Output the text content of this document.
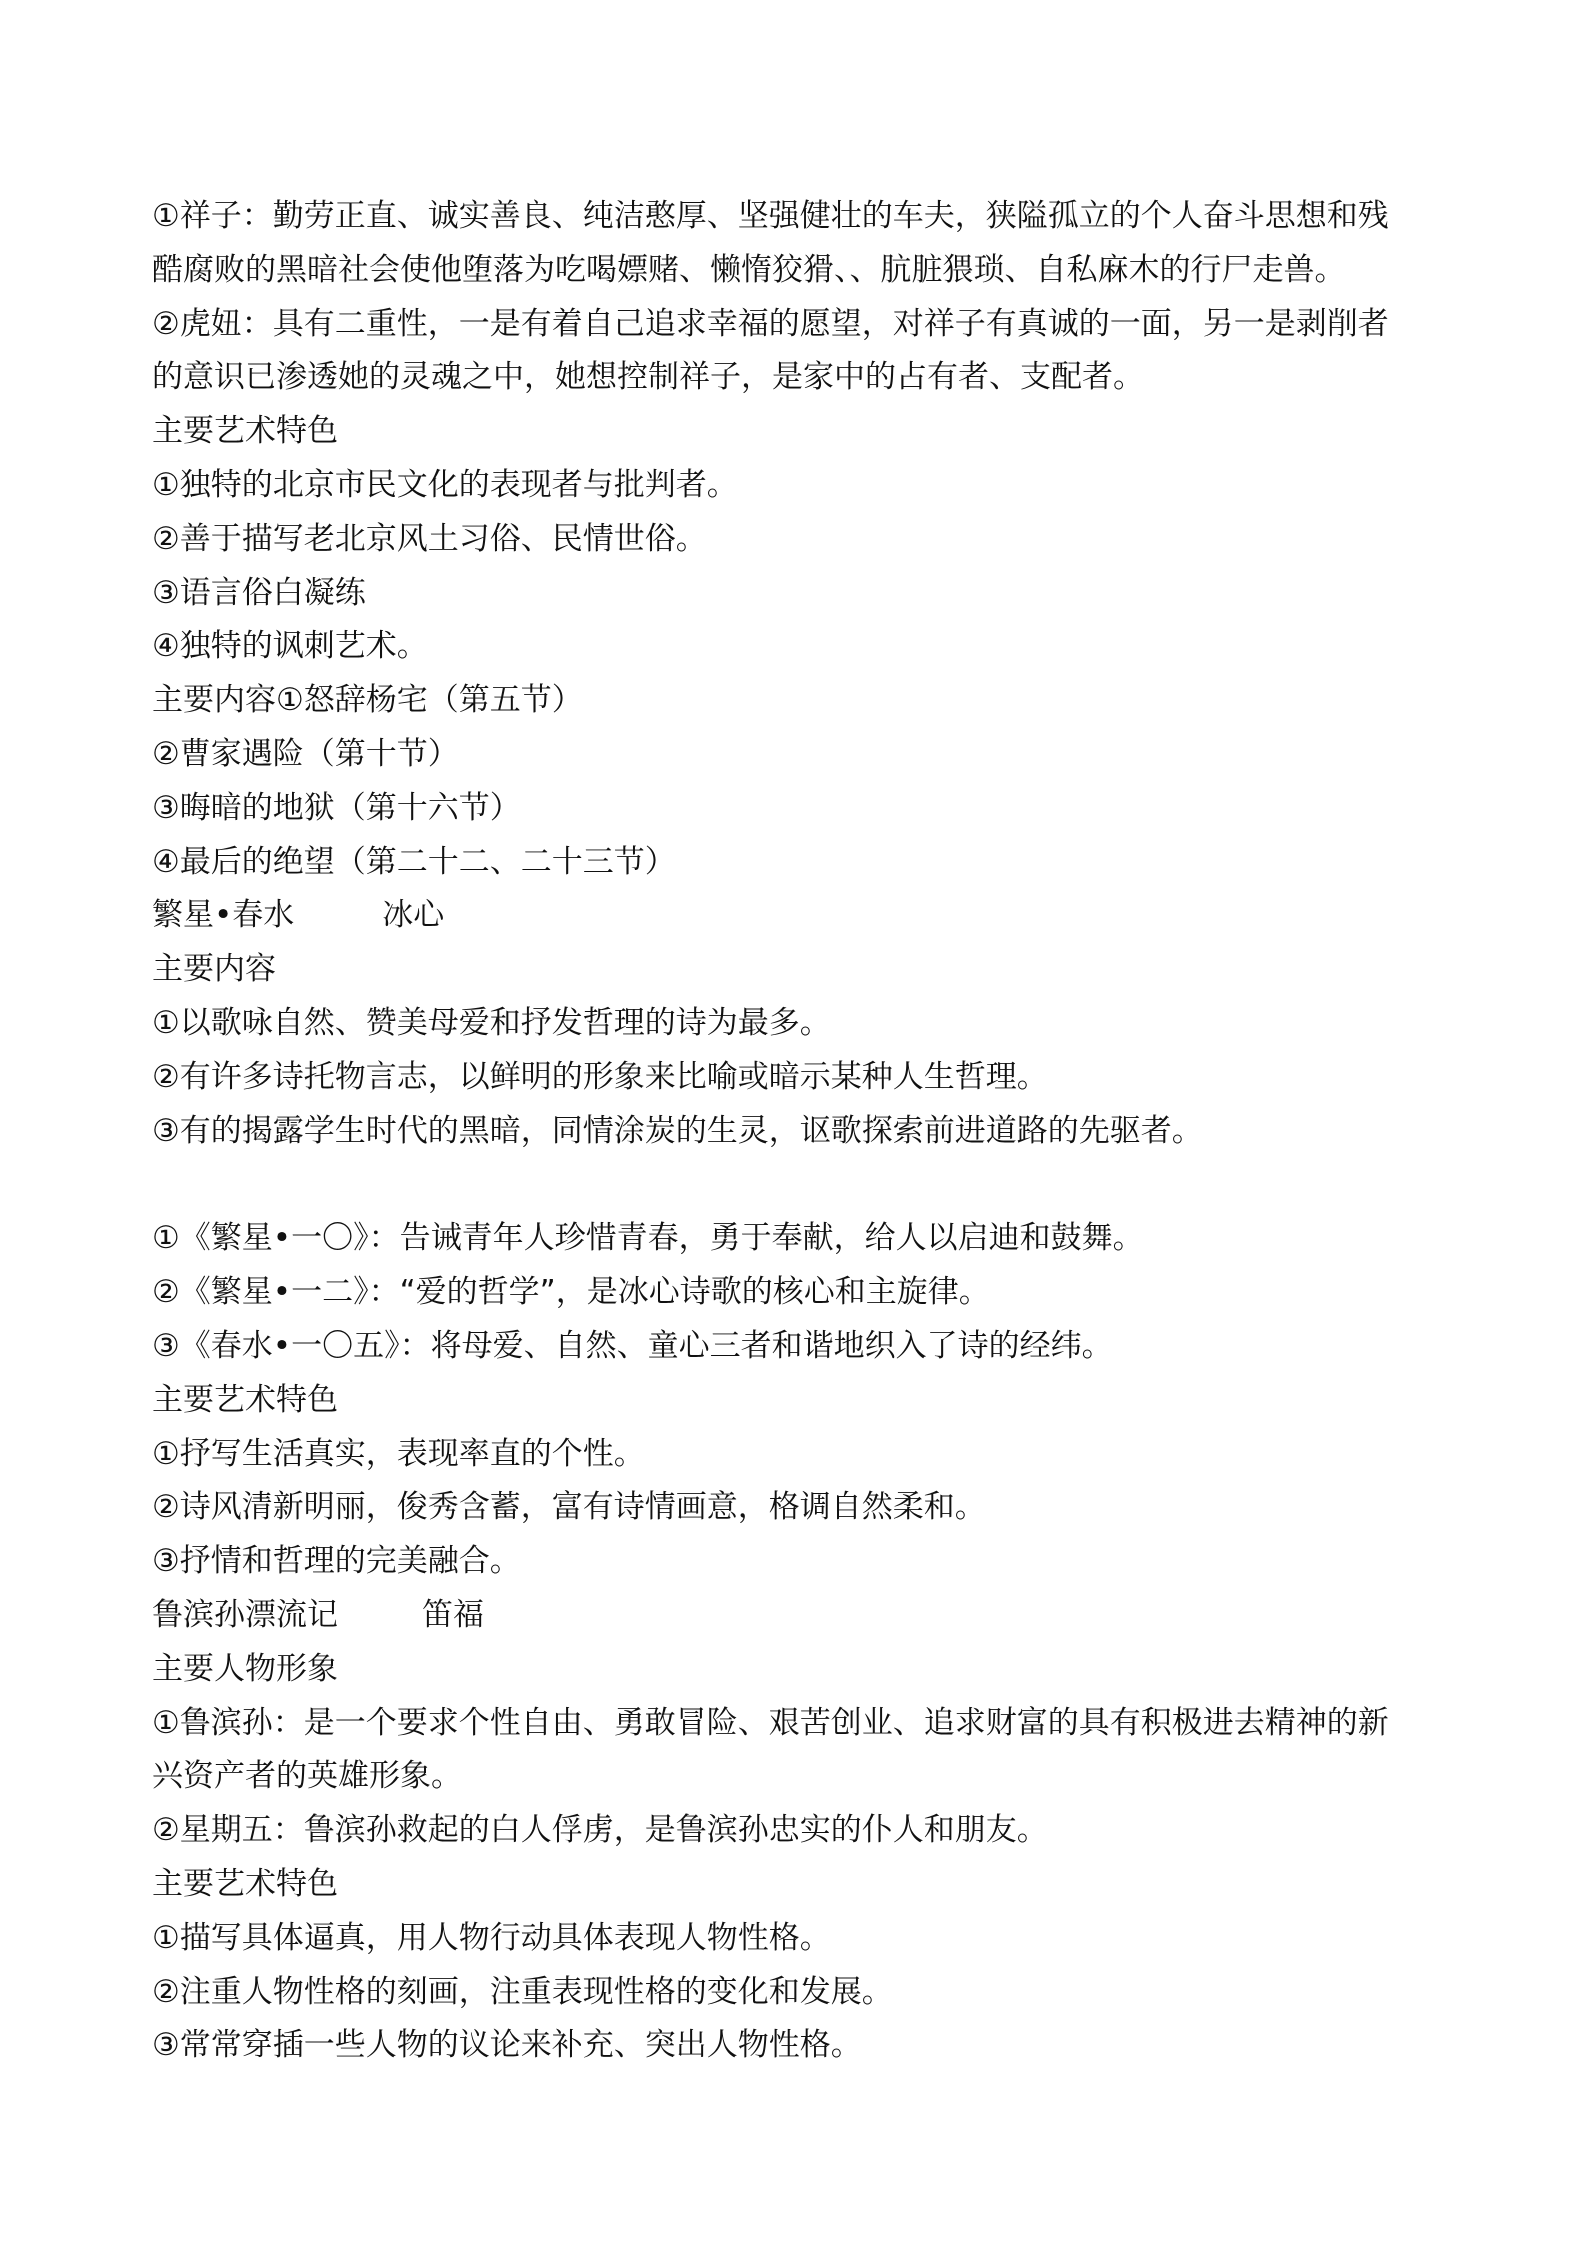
①祥子：勤劳正直、诚实善良、纯洁憨厚、坚强健壮的车夫，狭隘孤立的个人奋斗思想和残

酷腐败的黑暗社会使他堕落为吃喝嫖赌、懒惰狡猾、、肮脏猥琐、自私麻木的行尸走兽。

②虎妞：具有二重性，一是有着自己追求幸福的愿望，对祥子有真诚的一面，另一是剥削者

的意识已渗透她的灵魂之中，她想控制祥子，是家中的占有者、支配者。

主要艺术特色

①独特的北京市民文化的表现者与批判者。

②善于描写老北京风土习俗、民情世俗。

③语言俗白凝练

④独特的讽刺艺术。

主要内容①怒辞杨宅（第五节）

②曹家遇险（第十节）

③晦暗的地狱（第十六节）

④最后的绝望（第二十二、二十三节）

繁星•春水	冰心

主要内容

①以歌咏自然、赞美母爱和抒发哲理的诗为最多。

②有许多诗托物言志，以鲜明的形象来比喻或暗示某种人生哲理。

③有的揭露学生时代的黑暗，同情涂炭的生灵，讴歌探索前进道路的先驱者。

①《繁星•一〇》：告诫青年人珍惜青春，勇于奉献，给人以启迪和鼓舞。

②《繁星•一二》：“爱的哲学”，是冰心诗歌的核心和主旋律。

③《春水•一〇五》：将母爱、自然、童心三者和谐地织入了诗的经纬。

主要艺术特色

①抒写生活真实，表现率直的个性。

②诗风清新明丽，俊秀含蓄，富有诗情画意，格调自然柔和。

③抒情和哲理的完美融合。

鲁滨孙漂流记	笛福

主要人物形象

①鲁滨孙：是一个要求个性自由、勇敢冒险、艰苦创业、追求财富的具有积极进去精神的新

兴资产者的英雄形象。

②星期五：鲁滨孙救起的白人俘虏，是鲁滨孙忠实的仆人和朋友。

主要艺术特色

①描写具体逼真，用人物行动具体表现人物性格。

②注重人物性格的刻画，注重表现性格的变化和发展。

③常常穿插一些人物的议论来补充、突出人物性格。
